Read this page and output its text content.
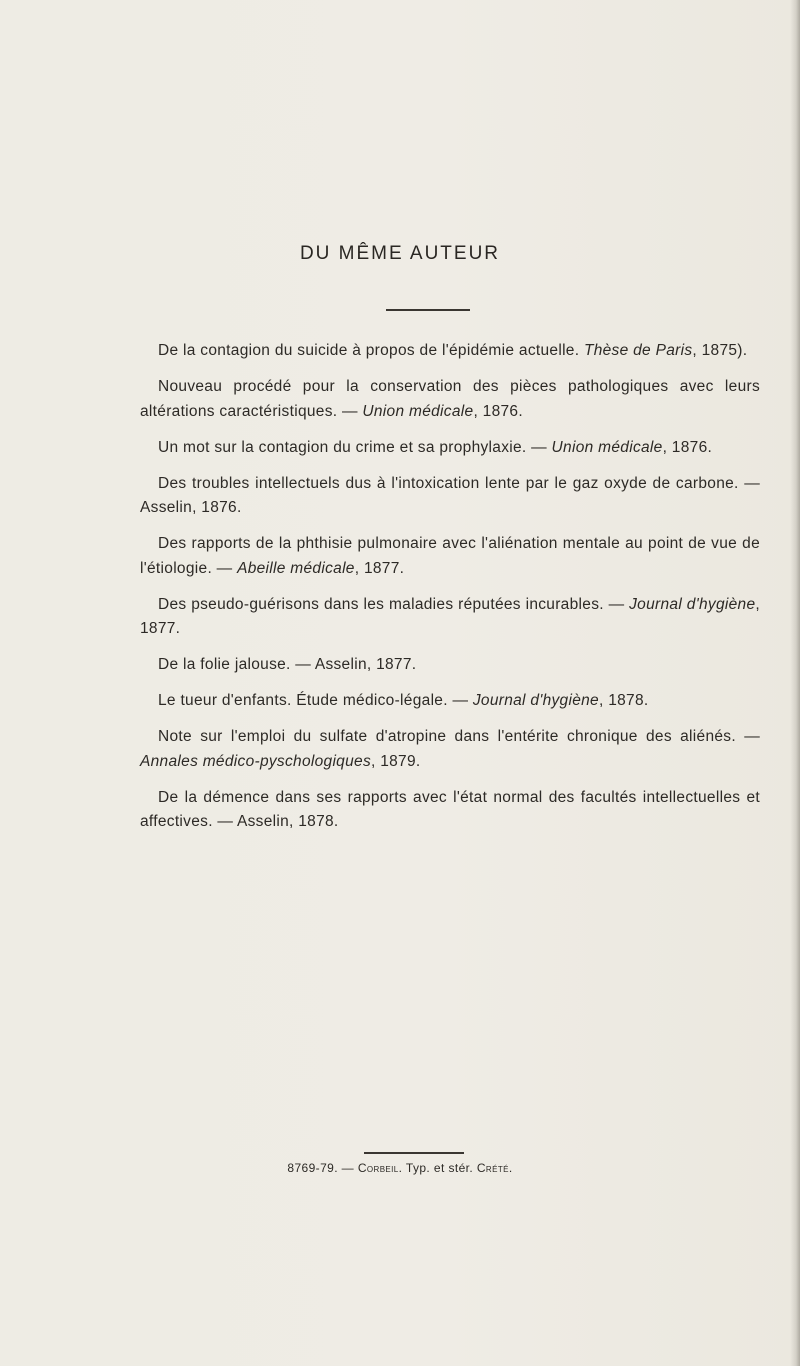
DU MÊME AUTEUR

De la contagion du suicide à propos de l'épidémie actuelle. Thèse de Paris, 1875).

Nouveau procédé pour la conservation des pièces pathologiques avec leurs altérations caractéristiques. — Union médicale, 1876.

Un mot sur la contagion du crime et sa prophylaxie. — Union médicale, 1876.

Des troubles intellectuels dus à l'intoxication lente par le gaz oxyde de carbone. — Asselin, 1876.

Des rapports de la phthisie pulmonaire avec l'aliénation mentale au point de vue de l'étiologie. — Abeille médicale, 1877.

Des pseudo-guérisons dans les maladies réputées incurables. — Journal d'hygiène, 1877.

De la folie jalouse. — Asselin, 1877.

Le tueur d'enfants. Étude médico-légale. — Journal d'hygiène, 1878.

Note sur l'emploi du sulfate d'atropine dans l'entérite chronique des aliénés. — Annales médico-pyschologiques, 1879.

De la démence dans ses rapports avec l'état normal des facultés intellectuelles et affectives. — Asselin, 1878.

8769-79. — Corbeil. Typ. et stér. Crété.
